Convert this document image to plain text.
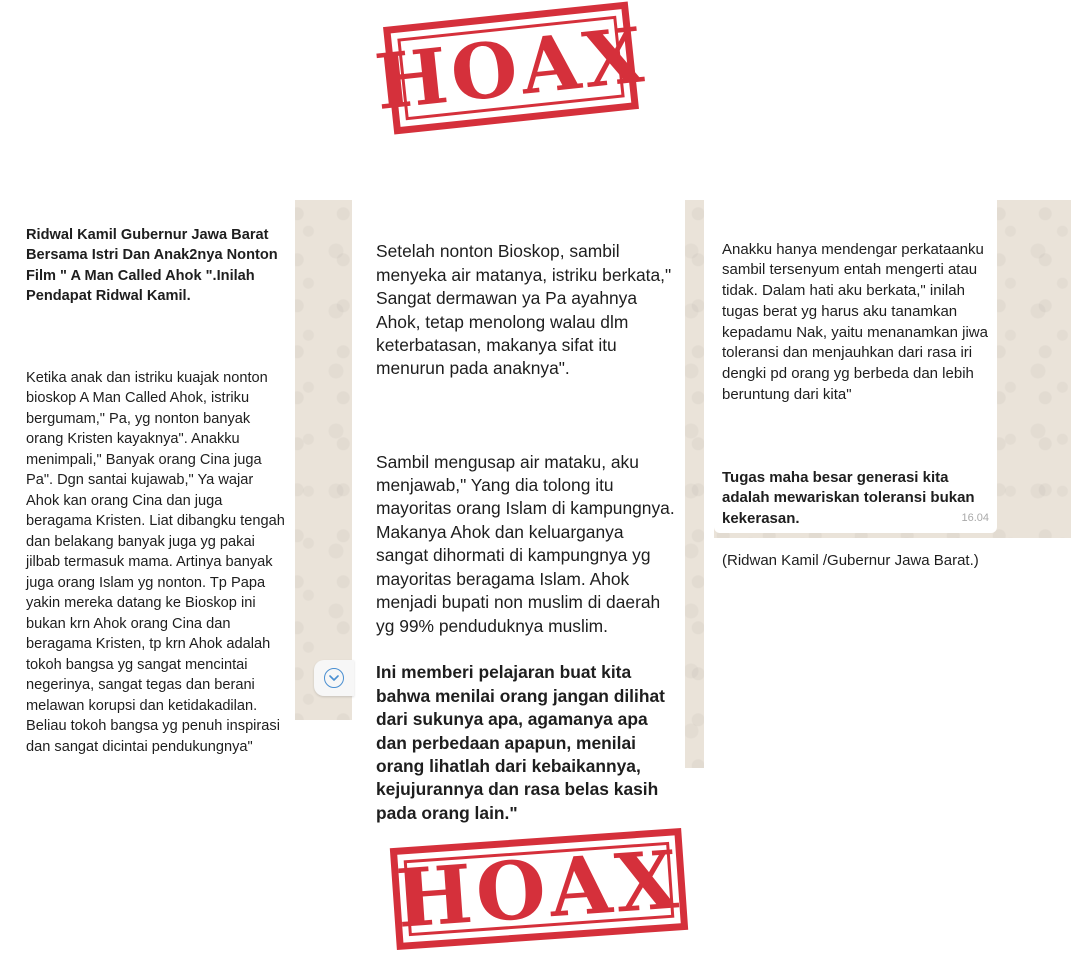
HOAX

Ridwal Kamil Gubernur Jawa Barat Bersama Istri Dan Anak2nya Nonton Film " A Man Called Ahok ".Inilah Pendapat Ridwal Kamil.

Ketika anak dan istriku kuajak nonton bioskop A Man Called Ahok, istriku bergumam," Pa, yg nonton banyak orang Kristen kayaknya". Anakku menimpali," Banyak orang Cina juga Pa". Dgn santai kujawab," Ya wajar Ahok kan orang Cina dan juga beragama Kristen. Liat dibangku tengah dan belakang banyak juga yg pakai jilbab termasuk mama. Artinya banyak juga orang Islam yg nonton. Tp Papa yakin mereka datang ke Bioskop ini bukan krn Ahok orang Cina dan beragama Kristen, tp krn Ahok adalah tokoh bangsa yg sangat mencintai negerinya, sangat tegas dan berani melawan korupsi dan ketidakadilan. Beliau tokoh bangsa yg penuh inspirasi dan sangat dicintai pendukungnya"

Setelah nonton Bioskop, sambil menyeka air matanya, istriku berkata," Sangat dermawan ya Pa ayahnya Ahok, tetap menolong walau dlm keterbatasan, makanya sifat itu menurun pada anaknya".

Sambil mengusap air mataku, aku menjawab," Yang dia tolong itu mayoritas orang Islam di kampungnya. Makanya Ahok dan keluarganya sangat dihormati di kampungnya yg mayoritas beragama Islam. Ahok menjadi bupati non muslim di daerah yg 99% penduduknya muslim.

Ini memberi pelajaran buat kita bahwa menilai orang jangan dilihat dari sukunya apa, agamanya apa dan perbedaan apapun, menilai orang lihatlah dari kebaikannya, kejujurannya dan rasa belas kasih pada orang lain."

Anakku hanya mendengar perkataanku sambil tersenyum entah mengerti atau tidak. Dalam hati aku berkata," inilah tugas berat yg harus aku tanamkan kepadamu Nak, yaitu menanamkan jiwa toleransi dan menjauhkan dari rasa iri dengki pd orang yg berbeda dan lebih beruntung dari kita"

Tugas maha besar generasi kita adalah mewariskan toleransi bukan kekerasan.

(Ridwan Kamil /Gubernur Jawa Barat.)

16.04

HOAX
